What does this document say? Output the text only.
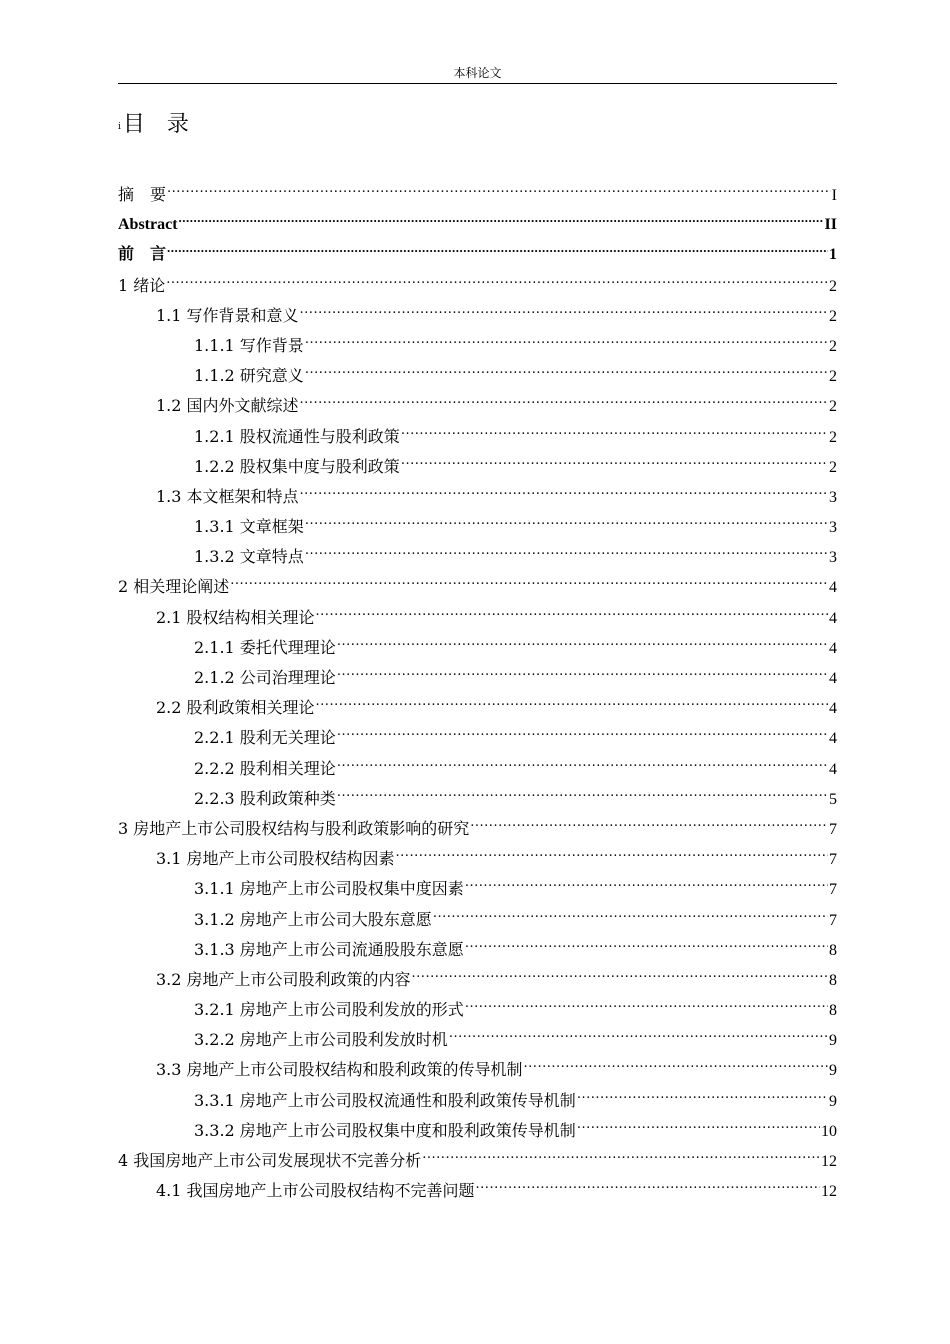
本科论文
$^i$目　录
摘　要 .....	I
Abstract .....	II
前　言 .....	1
1 绪论 .....	2
1.1 写作背景和意义 .....	2
1.1.1 写作背景 .....	2
1.1.2 研究意义 .....	2
1.2 国内外文献综述 .....	2
1.2.1 股权流通性与股利政策 .....	2
1.2.2 股权集中度与股利政策 .....	2
1.3 本文框架和特点 .....	3
1.3.1 文章框架 .....	3
1.3.2 文章特点 .....	3
2 相关理论阐述 .....	4
2.1 股权结构相关理论 .....	4
2.1.1 委托代理理论 .....	4
2.1.2 公司治理理论 .....	4
2.2 股利政策相关理论 .....	4
2.2.1 股利无关理论 .....	4
2.2.2 股利相关理论 .....	4
2.2.3 股利政策种类 .....	5
3 房地产上市公司股权结构与股利政策影响的研究 .....	7
3.1 房地产上市公司股权结构因素 .....	7
3.1.1 房地产上市公司股权集中度因素 .....	7
3.1.2 房地产上市公司大股东意愿 .....	7
3.1.3 房地产上市公司流通股股东意愿 .....	8
3.2 房地产上市公司股利政策的内容 .....	8
3.2.1 房地产上市公司股利发放的形式 .....	8
3.2.2 房地产上市公司股利发放时机 .....	9
3.3 房地产上市公司股权结构和股利政策的传导机制 .....	9
3.3.1 房地产上市公司股权流通性和股利政策传导机制 .....	9
3.3.2 房地产上市公司股权集中度和股利政策传导机制 .....	10
4 我国房地产上市公司发展现状不完善分析 .....	12
4.1 我国房地产上市公司股权结构不完善问题 .....	12
